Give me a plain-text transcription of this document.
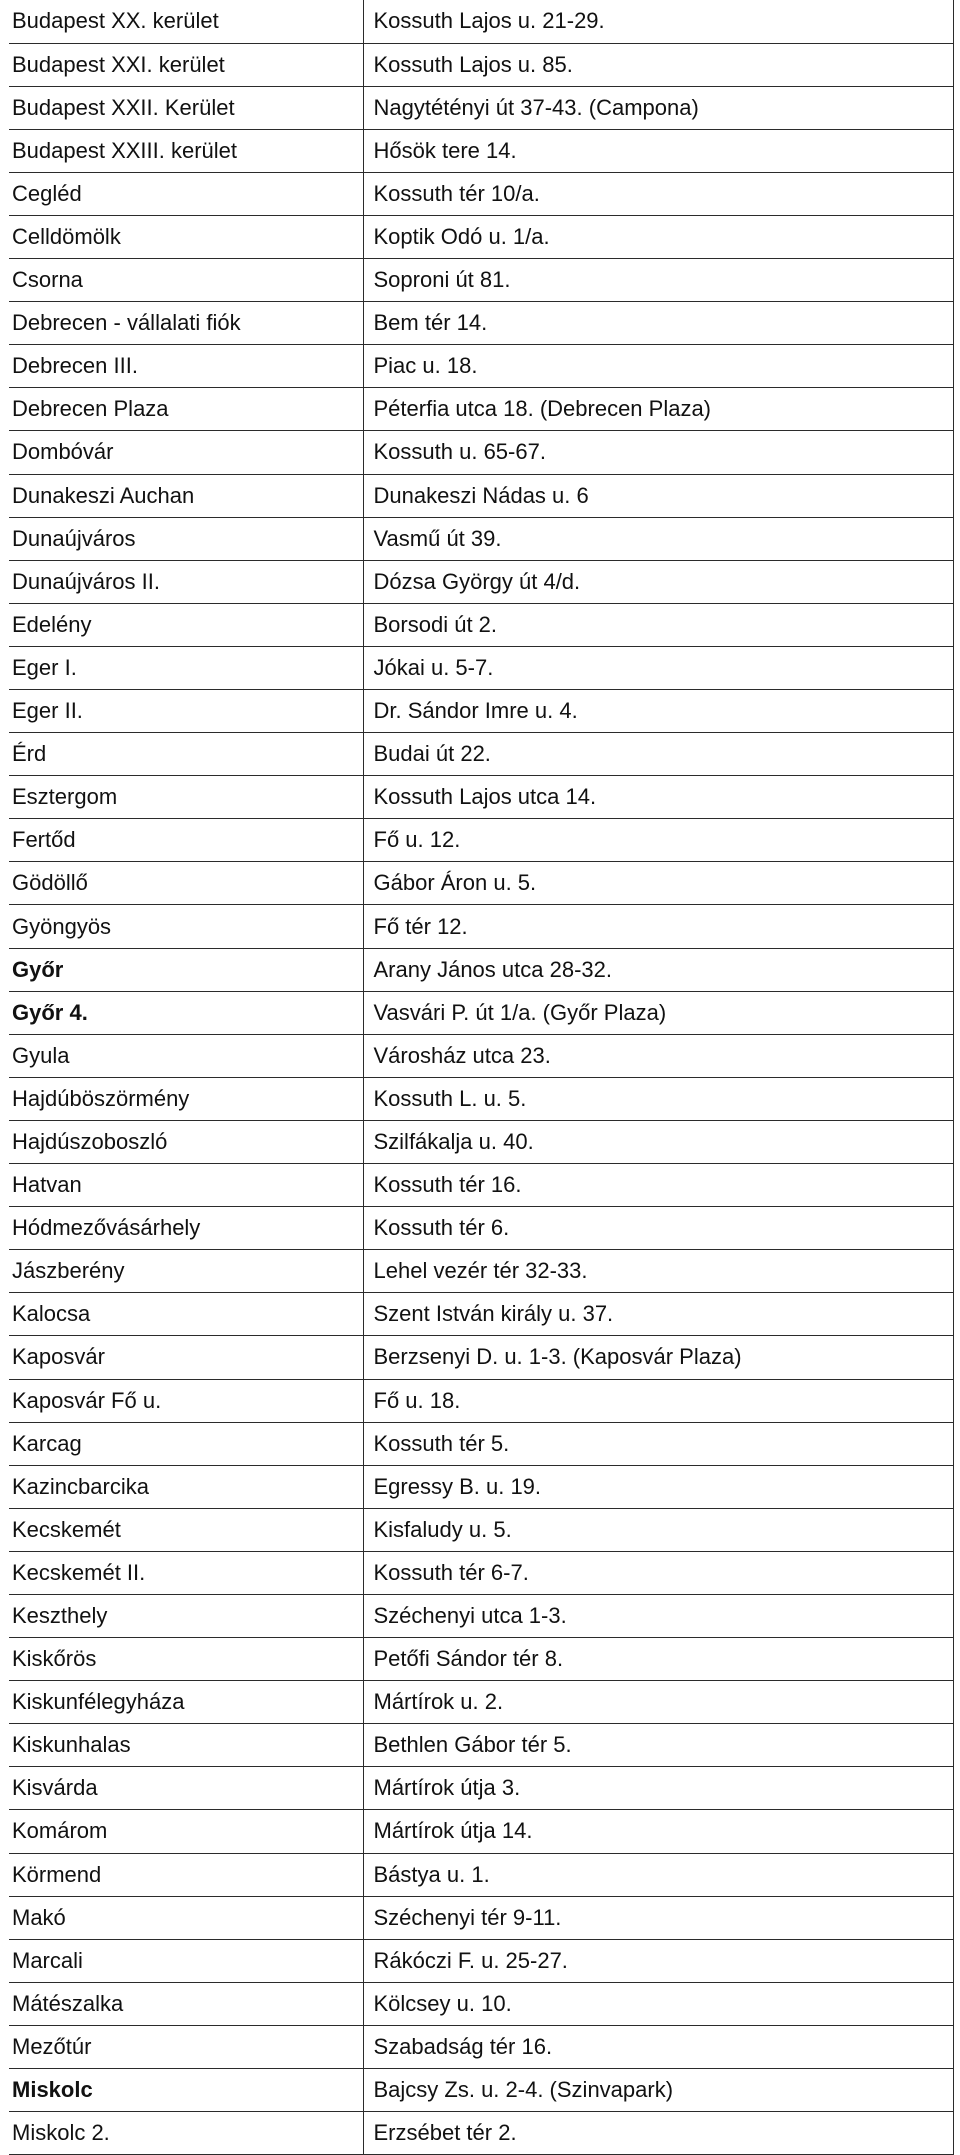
Budapest XX. kerület	Kossuth Lajos u. 21-29.
Budapest XXI. kerület	Kossuth Lajos u. 85.
Budapest XXII. Kerület	Nagytétényi út 37-43. (Campona)
Budapest XXIII. kerület	Hősök tere 14.
Cegléd	Kossuth tér 10/a.
Celldömölk	Koptik Odó u. 1/a.
Csorna	Soproni út 81.
Debrecen - vállalati fiók	Bem tér 14.
Debrecen III.	Piac u. 18.
Debrecen Plaza	Péterfia utca 18. (Debrecen Plaza)
Dombóvár	Kossuth u. 65-67.
Dunakeszi Auchan	Dunakeszi Nádas u. 6
Dunaújváros	Vasmű út 39.
Dunaújváros II.	Dózsa György út 4/d.
Edelény	Borsodi út 2.
Eger I.	Jókai u. 5-7.
Eger II.	Dr. Sándor Imre u. 4.
Érd	Budai út 22.
Esztergom	Kossuth Lajos utca 14.
Fertőd	Fő u. 12.
Gödöllő	Gábor Áron u. 5.
Gyöngyös	Fő tér 12.
Győr	Arany János utca 28-32.
Győr 4.	Vasvári P. út 1/a. (Győr Plaza)
Gyula	Városház utca 23.
Hajdúböszörmény	Kossuth L. u. 5.
Hajdúszoboszló	Szilfákalja u. 40.
Hatvan	Kossuth tér 16.
Hódmezővásárhely	Kossuth tér 6.
Jászberény	Lehel vezér tér 32-33.
Kalocsa	Szent István király u. 37.
Kaposvár	Berzsenyi D. u. 1-3. (Kaposvár Plaza)
Kaposvár Fő u.	Fő u. 18.
Karcag	Kossuth tér 5.
Kazincbarcika	Egressy B. u. 19.
Kecskemét	Kisfaludy u. 5.
Kecskemét II.	Kossuth tér 6-7.
Keszthely	Széchenyi utca 1-3.
Kiskőrös	Petőfi Sándor tér 8.
Kiskunfélegyháza	Mártírok u. 2.
Kiskunhalas	Bethlen Gábor tér 5.
Kisvárda	Mártírok útja 3.
Komárom	Mártírok útja 14.
Körmend	Bástya u. 1.
Makó	Széchenyi tér 9-11.
Marcali	Rákóczi F. u. 25-27.
Mátészalka	Kölcsey u. 10.
Mezőtúr	Szabadság tér 16.
Miskolc	Bajcsy Zs. u. 2-4. (Szinvapark)
Miskolc 2.	Erzsébet tér 2.
